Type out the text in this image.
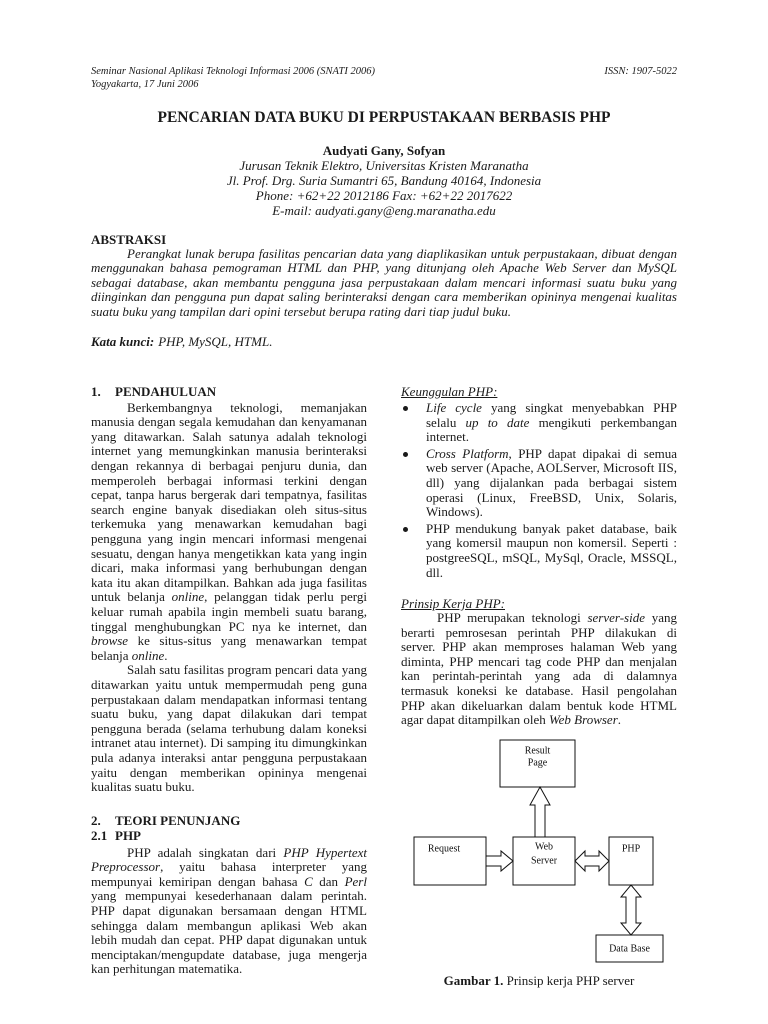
Seminar Nasional Aplikasi Teknologi Informasi 2006 (SNATI 2006)	ISSN: 1907-5022
Yogyakarta, 17 Juni 2006
PENCARIAN DATA BUKU DI PERPUSTAKAAN BERBASIS PHP
Audyati Gany, Sofyan
Jurusan Teknik Elektro, Universitas Kristen Maranatha
Jl. Prof. Drg. Suria Sumantri 65, Bandung 40164, Indonesia
Phone: +62+22 2012186 Fax: +62+22 2017622
E-mail: audyati.gany@eng.maranatha.edu
ABSTRAKSI
Perangkat lunak berupa fasilitas pencarian data yang diaplikasikan untuk perpustakaan, dibuat dengan
menggunakan bahasa pemograman HTML dan PHP, yang ditunjang oleh Apache Web Server dan MySQL
sebagai database, akan membantu pengguna jasa perpustakaan dalam mencari informasi suatu buku yang
diinginkan dan pengguna pun dapat saling berinteraksi dengan cara memberikan opininya mengenai kualitas
suatu buku yang tampilan dari opini tersebut berupa rating dari tiap judul buku.
Kata kunci: PHP, MySQL, HTML.
1. PENDAHULUAN
Berkembangnya teknologi, memanjakan
manusia dengan segala kemudahan dan kenyamanan
yang ditawarkan. Salah satunya adalah teknologi
internet yang memungkinkan manusia berinteraksi
dengan rekannya di berbagai penjuru dunia, dan
memperoleh berbagai informasi terkini dengan
cepat, tanpa harus bergerak dari tempatnya, fasilitas
search engine banyak disediakan oleh situs-situs
terkemuka yang menawarkan kemudahan bagi
pengguna yang ingin mencari informasi mengenai
sesuatu, dengan hanya mengetikkan kata yang ingin
dicari, maka informasi yang berhubungan dengan
kata itu akan ditampilkan. Bahkan ada juga fasilitas
untuk belanja online, pelanggan tidak perlu pergi
keluar rumah apabila ingin membeli suatu barang,
tinggal menghubungkan PC nya ke internet, dan
browse ke situs-situs yang menawarkan tempat
belanja online.
Salah satu fasilitas program pencari data yang
ditawarkan yaitu untuk mempermudah peng guna
perpustakaan dalam mendapatkan informasi tentang
suatu buku, yang dapat dilakukan dari tempat
pengguna berada (selama terhubung dalam koneksi
intranet atau internet). Di samping itu dimungkinkan
pula adanya interaksi antar pengguna perpustakaan
yaitu dengan memberikan opininya mengenai
kualitas suatu buku.
2. TEORI PENUNJANG
2.1 PHP
PHP adalah singkatan dari PHP Hypertext
Preprocessor, yaitu bahasa interpreter yang
mempunyai kemiripan dengan bahasa C dan Perl
yang mempunyai kesederhanaan dalam perintah.
PHP dapat digunakan bersamaan dengan HTML
sehingga dalam membangun aplikasi Web akan
lebih mudah dan cepat. PHP dapat digunakan untuk
menciptakan/mengupdate database, juga mengerja
kan perhitungan matematika.
Keunggulan PHP:
Life cycle yang singkat menyebabkan PHP
selalu up to date mengikuti perkembangan
internet.
Cross Platform, PHP dapat dipakai di semua
web server (Apache, AOLServer, Microsoft IIS,
dll) yang dijalankan pada berbagai sistem
operasi (Linux, FreeBSD, Unix, Solaris,
Windows).
PHP mendukung banyak paket database, baik
yang komersil maupun non komersil. Seperti :
postgreeSQL, mSQL, MySql, Oracle, MSSQL,
dll.
Prinsip Kerja PHP:
PHP merupakan teknologi server-side yang
berarti pemrosesan perintah PHP dilakukan di
server. PHP akan memproses halaman Web yang
diminta, PHP mencari tag code PHP dan menjalan
kan perintah-perintah yang ada di dalamnya
termasuk koneksi ke database. Hasil pengolahan
PHP akan dikeluarkan dalam bentuk kode HTML
agar dapat ditampilkan oleh Web Browser.
Result
Page
Request	Web
Server
PHP
Data Base
Gambar 1. Prinsip kerja PHP server
